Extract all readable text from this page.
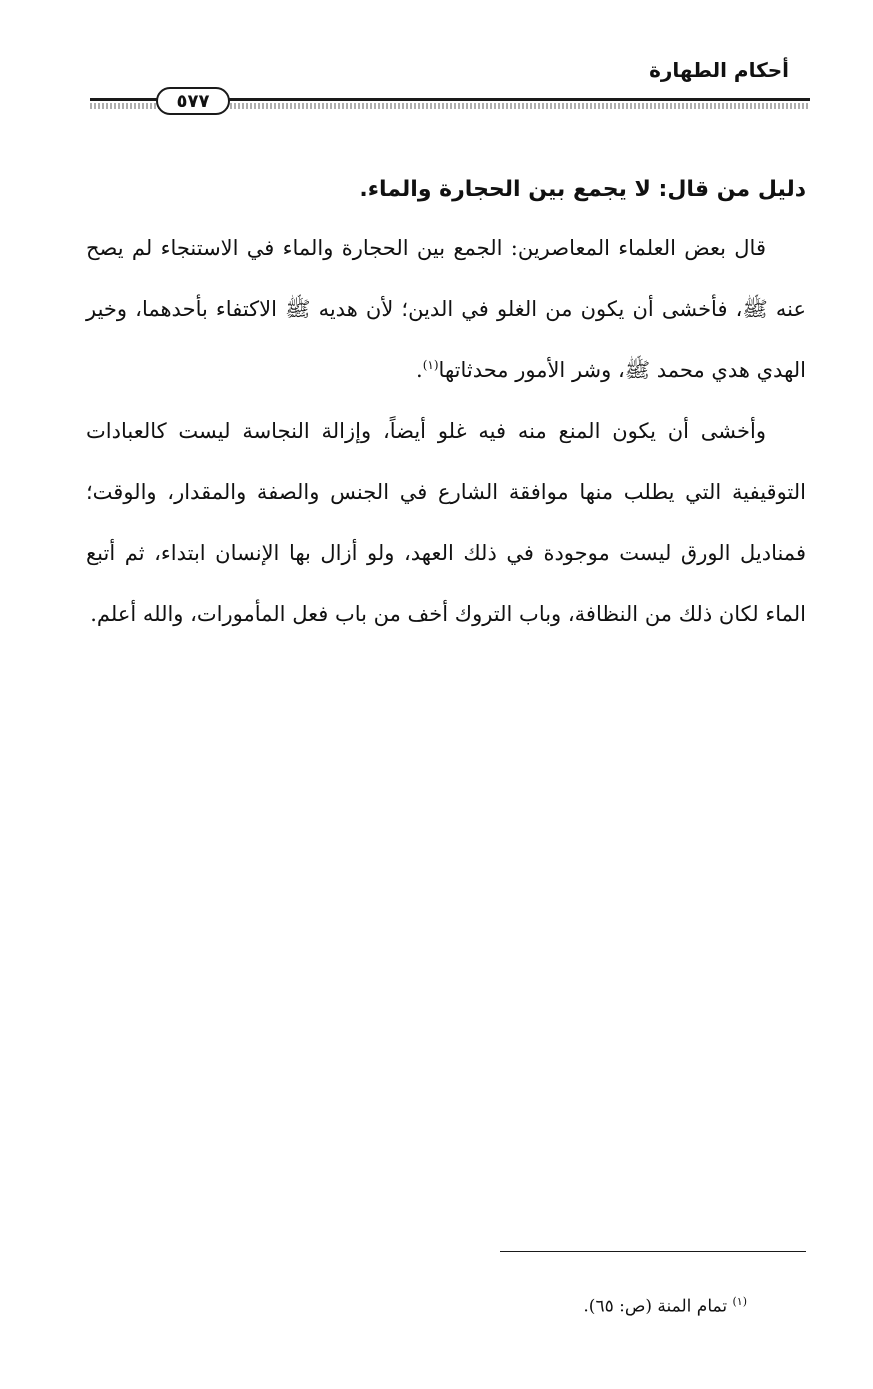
أحكام الطهارة
٥٧٧
دليل من قال: لا يجمع بين الحجارة والماء.

قال بعض العلماء المعاصرين: الجمع بين الحجارة والماء في الاستنجاء لم يصح عنه ﷺ، فأخشى أن يكون من الغلو في الدين؛ لأن هديه ﷺ الاكتفاء بأحدهما، وخير الهدي هدي محمد ﷺ، وشر الأمور محدثاتها$^{(١)}$.

وأخشى أن يكون المنع منه فيه غلو أيضاً، وإزالة النجاسة ليست كالعبادات التوقيفية التي يطلب منها موافقة الشارع في الجنس والصفة والمقدار، والوقت؛ فمناديل الورق ليست موجودة في ذلك العهد، ولو أزال بها الإنسان ابتداء، ثم أتبع الماء لكان ذلك من النظافة، وباب التروك أخف من باب فعل المأمورات، والله أعلم.

$^{(١)}$ تمام المنة (ص: ٦٥).
